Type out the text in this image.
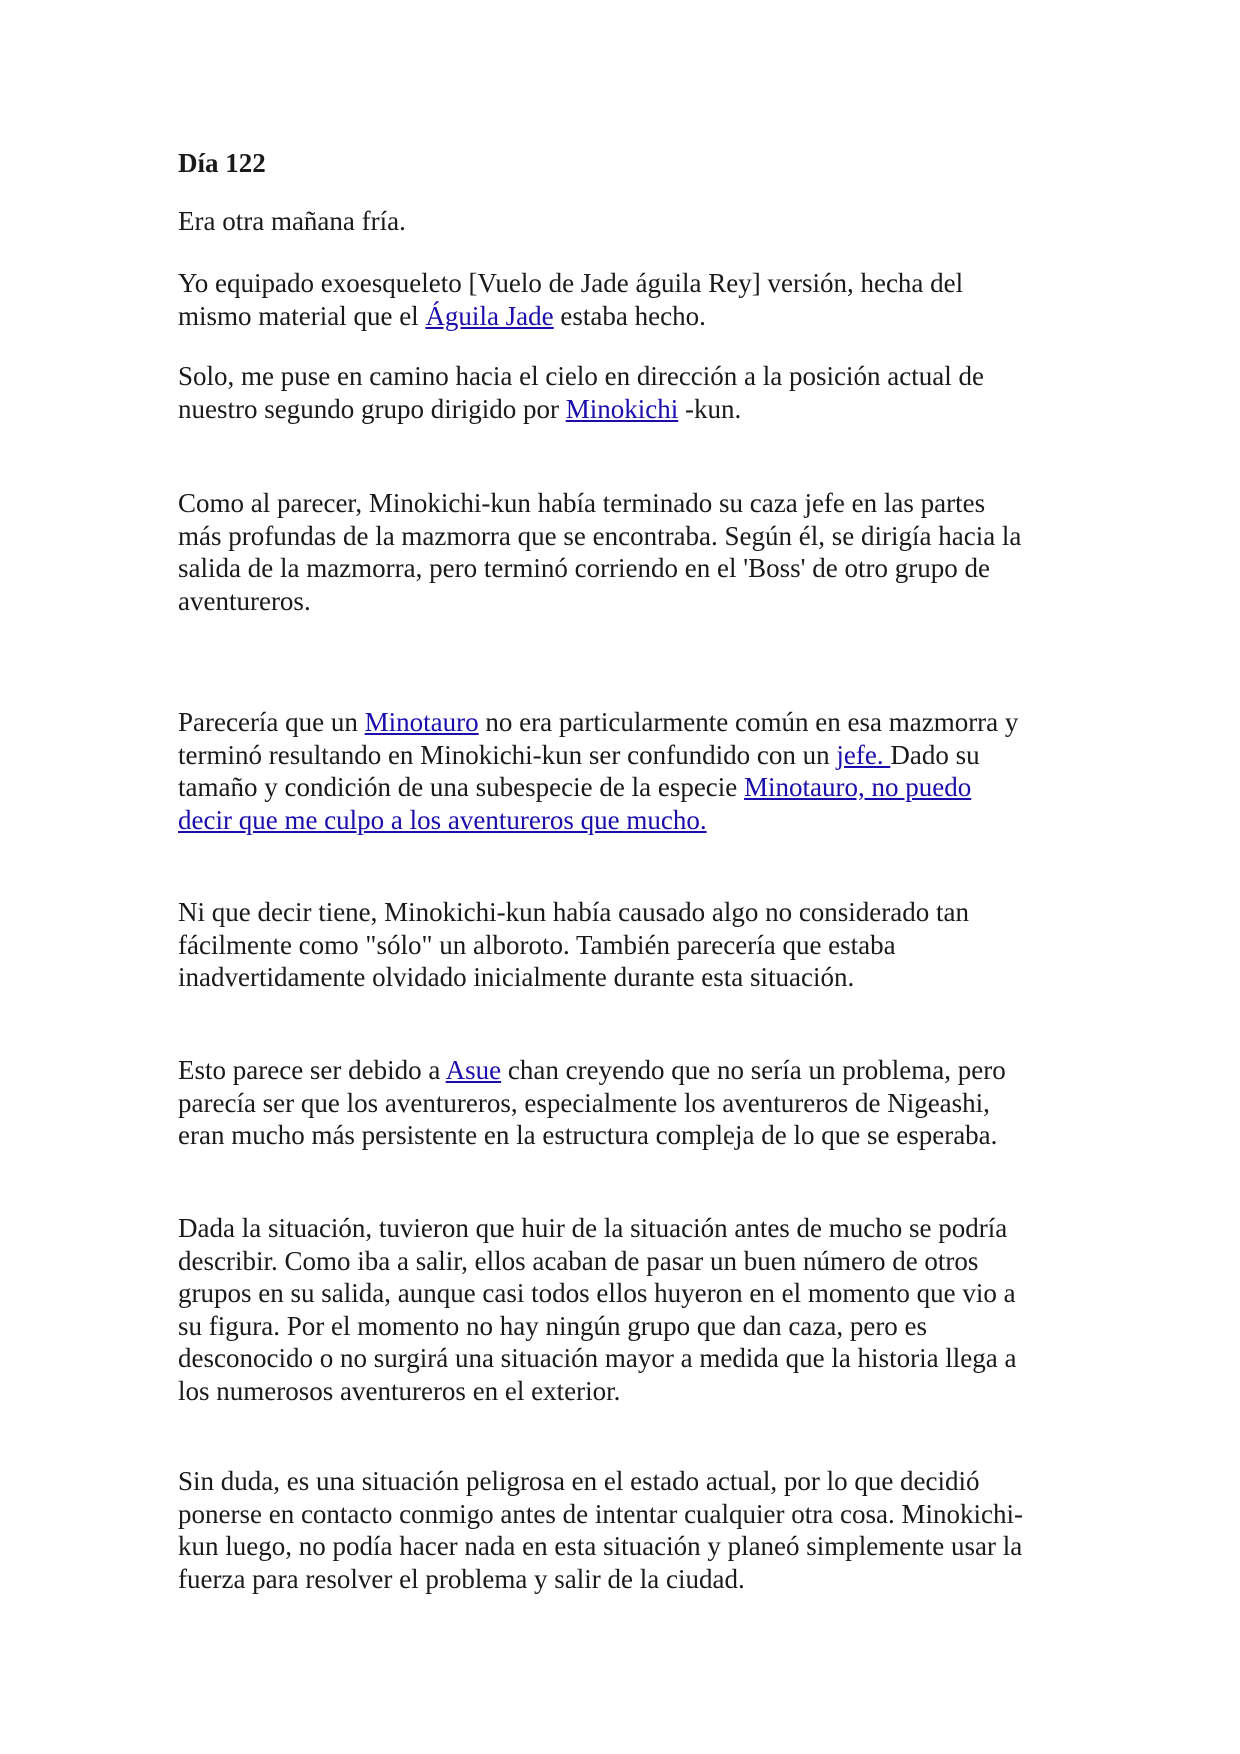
Día 122

Era otra mañana fría.

Yo equipado exoesqueleto [Vuelo de Jade águila Rey] versión, hecha del
mismo material que el Águila Jade estaba hecho.

Solo, me puse en camino hacia el cielo en dirección a la posición actual de
nuestro segundo grupo dirigido por Minokichi -kun.

Como al parecer, Minokichi-kun había terminado su caza jefe en las partes
más profundas de la mazmorra que se encontraba. Según él, se dirigía hacia la
salida de la mazmorra, pero terminó corriendo en el 'Boss' de otro grupo de
aventureros.

Parecería que un Minotauro no era particularmente común en esa mazmorra y
terminó resultando en Minokichi-kun ser confundido con un jefe. Dado su
tamaño y condición de una subespecie de la especie Minotauro, no puedo
decir que me culpo a los aventureros que mucho.

Ni que decir tiene, Minokichi-kun había causado algo no considerado tan
fácilmente como "sólo" un alboroto. También parecería que estaba
inadvertidamente olvidado inicialmente durante esta situación.

Esto parece ser debido a Asue chan creyendo que no sería un problema, pero
parecía ser que los aventureros, especialmente los aventureros de Nigeashi,
eran mucho más persistente en la estructura compleja de lo que se esperaba.

Dada la situación, tuvieron que huir de la situación antes de mucho se podría
describir. Como iba a salir, ellos acaban de pasar un buen número de otros
grupos en su salida, aunque casi todos ellos huyeron en el momento que vio a
su figura. Por el momento no hay ningún grupo que dan caza, pero es
desconocido o no surgirá una situación mayor a medida que la historia llega a
los numerosos aventureros en el exterior.

Sin duda, es una situación peligrosa en el estado actual, por lo que decidió
ponerse en contacto conmigo antes de intentar cualquier otra cosa. Minokichi-
kun luego, no podía hacer nada en esta situación y planeó simplemente usar la
fuerza para resolver el problema y salir de la ciudad.
